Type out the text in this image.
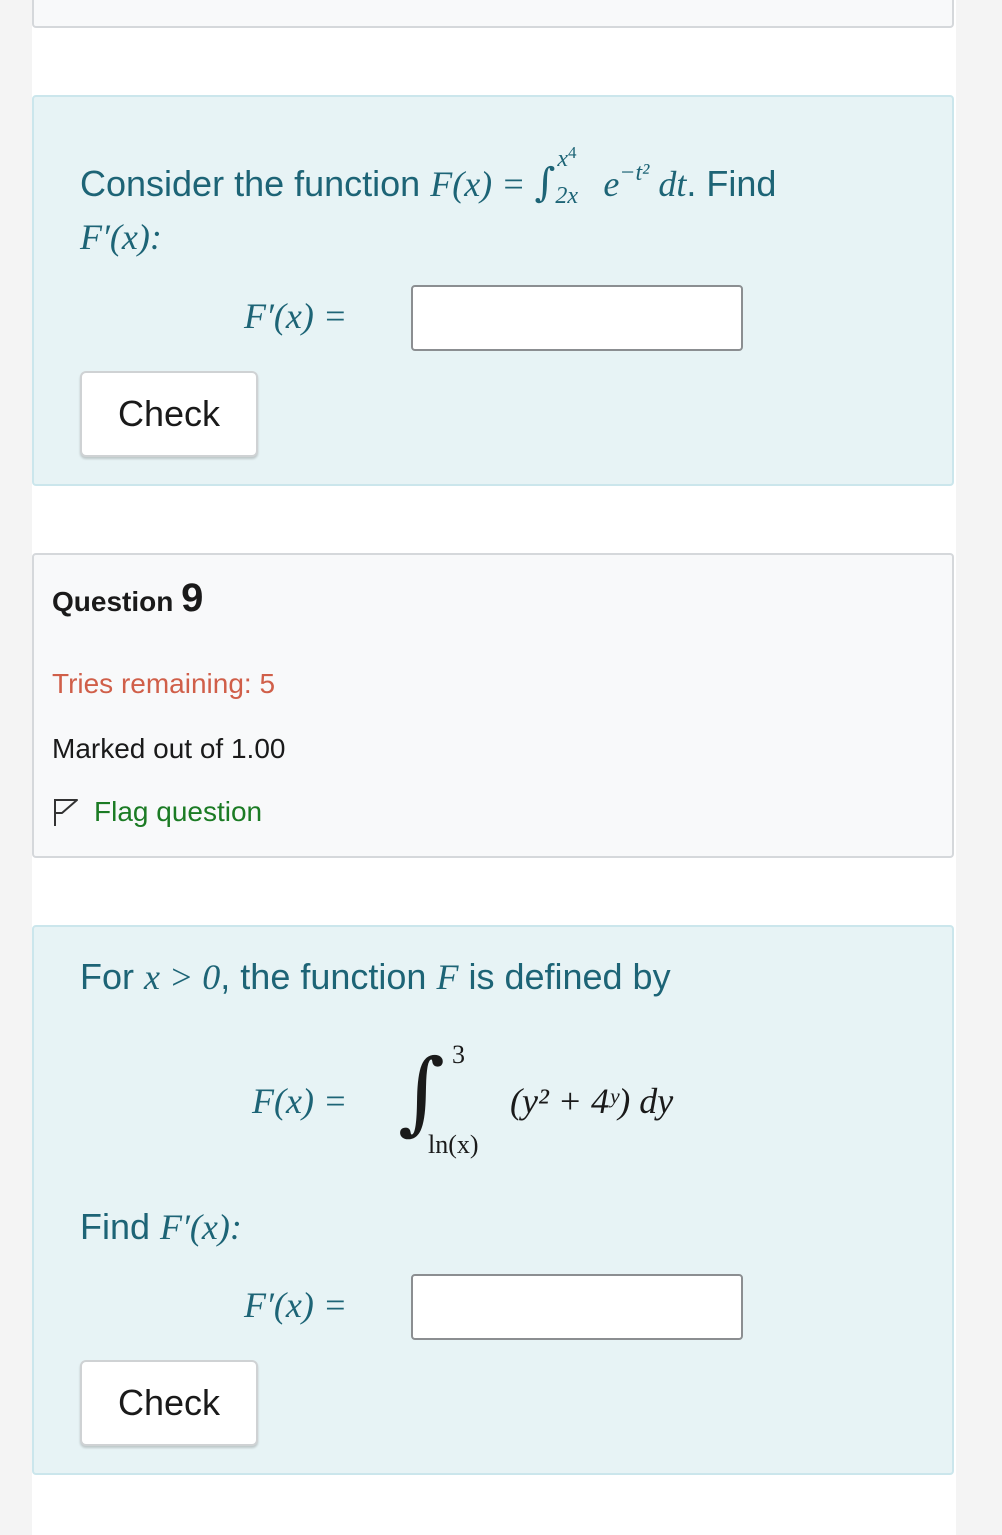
Consider the function F(x) = ∫
$x^4$
2x $e^{-t^2}$ dt. Find
F′(x):
F′(x) =
Check
Question 9
Tries remaining: 5
Marked out of 1.00
Flag question
For x > 0, the function F is defined by
F(x) = ∫ 3
ln(x)
(y² + 4ʸ) dy
Find F′(x):
F′(x) =
Check
